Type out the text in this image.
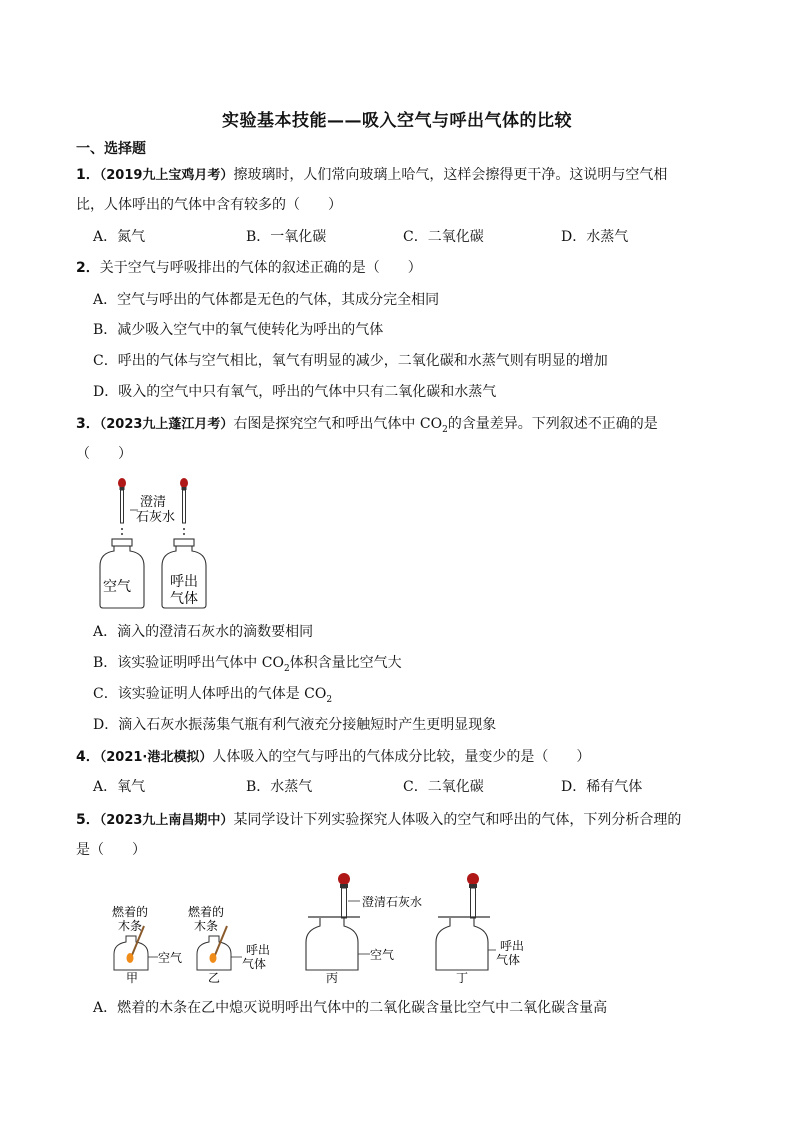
实验基本技能——吸入空气与呼出气体的比较
一、选择题
1．（2019九上宝鸡月考）擦玻璃时，人们常向玻璃上哈气，这样会擦得更干净。这说明与空气相
比，人体呼出的气体中含有较多的（　　）
A．氮气	B．一氧化碳	C．二氧化碳	D．水蒸气
2．关于空气与呼吸排出的气体的叙述正确的是（　　）
A．空气与呼出的气体都是无色的气体，其成分完全相同
B．减少吸入空气中的氧气使转化为呼出的气体
C．呼出的气体与空气相比，氧气有明显的减少，二氧化碳和水蒸气则有明显的增加
D．吸入的空气中只有氧气，呼出的气体中只有二氧化碳和水蒸气
3．（2023九上蓬江月考）右图是探究空气和呼出气体中 $CO_2$的含量差异。下列叙述不正确的是
（　　）
澄清
石灰水
空气	呼出
气体
A．滴入的澄清石灰水的滴数要相同
B．该实验证明呼出气体中 $CO_2$体积含量比空气大
C．该实验证明人体呼出的气体是 $CO_2$
D．滴入石灰水振荡集气瓶有利气液充分接触短时产生更明显现象
4．（2021·港北模拟）人体吸入的空气与呼出的气体成分比较，量变少的是（　　）
A．氧气	B．水蒸气	C．二氧化碳	D．稀有气体
5．（2023九上南昌期中）某同学设计下列实验探究人体吸入的空气和呼出的气体，下列分析合理的
是（　　）
燃着的
木条
空气
甲
燃着的
木条
呼出
气体
乙
空气
丙
澄清石灰水
呼出
气体
丁
A．燃着的木条在乙中熄灭说明呼出气体中的二氧化碳含量比空气中二氧化碳含量高
